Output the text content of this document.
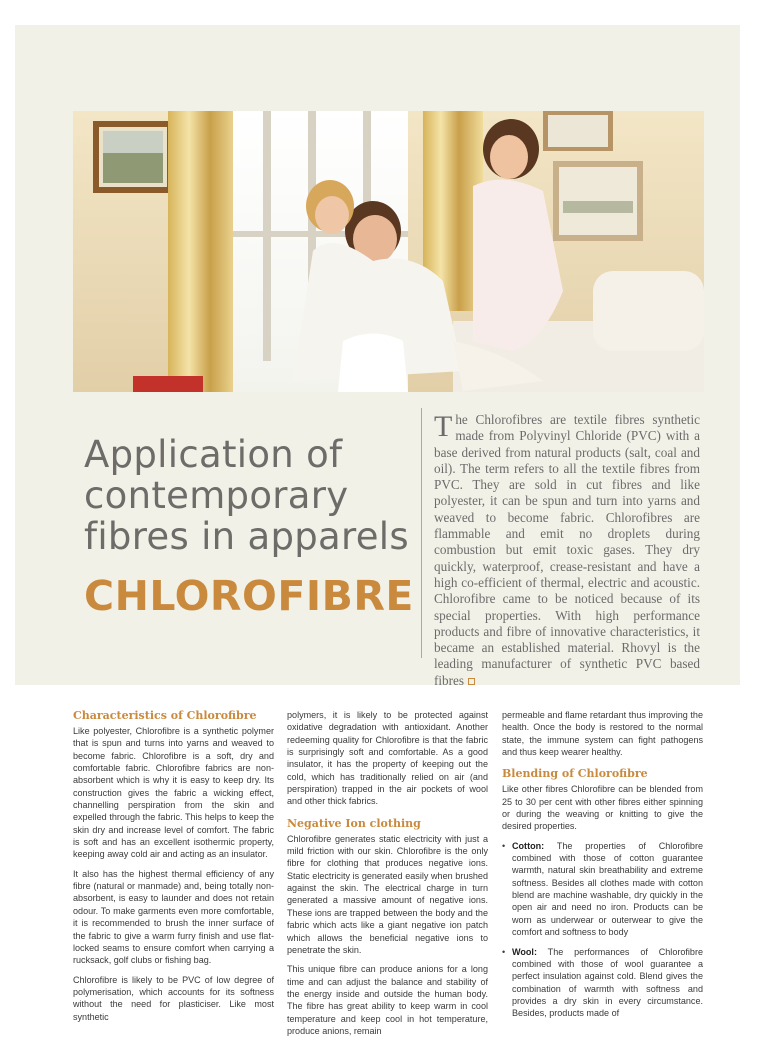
Application of
contemporary
fibres in apparels
CHLOROFIBRE
The Chlorofibres are textile fibres synthetic made from Polyvinyl Chloride (PVC) with a base derived from natural products (salt, coal and oil). The term refers to all the textile fibres from PVC. They are sold in cut fibres and like polyester, it can be spun and turn into yarns and weaved to become fabric. Chlorofibres are flammable and emit no droplets during combustion but emit toxic gases. They dry quickly, waterproof, crease-resistant and have a high co-efficient of thermal, electric and acoustic. Chlorofibre came to be noticed because of its special properties. With high performance products and fibre of innovative characteristics, it became an established material. Rhovyl is the leading manufacturer of synthetic PVC based fibres
Characteristics of Chlorofibre

Like polyester, Chlorofibre is a synthetic polymer that is spun and turns into yarns and weaved to become fabric. Chlorofibre is a soft, dry and comfortable fabric. Chlorofibre fabrics are non-absorbent which is why it is easy to keep dry. Its construction gives the fabric a wicking effect, channelling perspiration from the skin and expelled through the fabric. This helps to keep the skin dry and increase level of comfort. The fabric is soft and has an excellent isothermic property, keeping away cold air and acting as an insulator.

It also has the highest thermal efficiency of any fibre (natural or manmade) and, being totally non-absorbent, is easy to launder and does not retain odour. To make garments even more comfortable, it is recommended to brush the inner surface of the fabric to give a warm furry finish and use flat-locked seams to ensure comfort when carrying a rucksack, golf clubs or fishing bag.

Chlorofibre is likely to be PVC of low degree of polymerisation, which accounts for its softness without the need for plasticiser. Like most synthetic

polymers, it is likely to be protected against oxidative degradation with antioxidant. Another redeeming quality for Chlorofibre is that the fabric is surprisingly soft and comfortable. As a good insulator, it has the property of keeping out the cold, which has traditionally relied on air (and perspiration) trapped in the air pockets of wool and other thick fabrics.

Negative Ion clothing

Chlorofibre generates static electricity with just a mild friction with our skin. Chlorofibre is the only fibre for clothing that produces negative ions. Static electricity is generated easily when brushed against the skin. The electrical charge in turn generated a massive amount of negative ions. These ions are trapped between the body and the fabric which acts like a giant negative ion patch which allows the beneficial negative ions to penetrate the skin.

This unique fibre can produce anions for a long time and can adjust the balance and stability of the energy inside and outside the human body. The fibre has great ability to keep warm in cool temperature and keep cool in hot temperature, produce anions, remain

permeable and flame retardant thus improving the health. Once the body is restored to the normal state, the immune system can fight pathogens and thus keep wearer healthy.

Blending of Chlorofibre

Like other fibres Chlorofibre can be blended from 25 to 30 per cent with other fibres either spinning or during the weaving or knitting to give the desired properties.

• Cotton: The properties of Chlorofibre combined with those of cotton guarantee warmth, natural skin breathability and extreme softness. Besides all clothes made with cotton blend are machine washable, dry quickly in the open air and need no iron. Products can be worn as underwear or outerwear to give the comfort and softness to body
• Wool: The performances of Chlorofibre combined with those of wool guarantee a perfect insulation against cold. Blend gives the combination of warmth with softness and provides a dry skin in every circumstance. Besides, products made of
